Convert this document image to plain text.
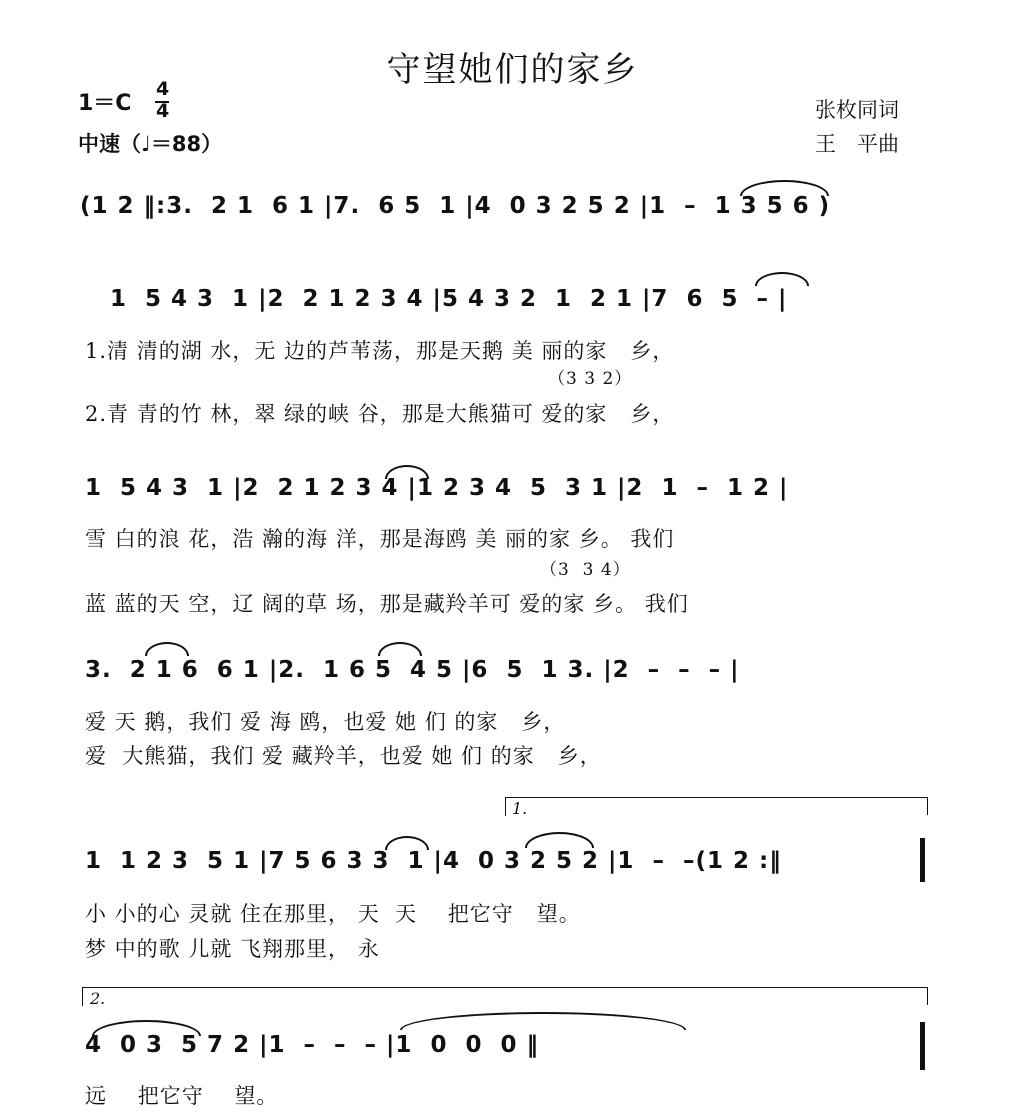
守望她们的家乡
1＝C
4
4
中速（♩＝88）
张枚同词
王　平曲
(1 2 ‖:3.  2 1  6 1 |7.  6 5  1 |4  0 3 2 5 2 |1  –  1 3 5 6 )
1  5 4 3  1 |2  2 1 2 3 4 |5 4 3 2  1  2 1 |7  6  5  – |
1.清 清的湖 水，无 边的芦苇荡，那是天鹅 美 丽的家   乡，
（3 3 2）
2.青 青的竹 林，翠 绿的峡 谷，那是大熊猫可 爱的家   乡，
1  5 4 3  1 |2  2 1 2 3 4 |1 2 3 4  5  3 1 |2  1  –  1 2 |
雪 白的浪 花，浩 瀚的海 洋，那是海鸥 美 丽的家 乡。 我们
（3  3 4）
蓝 蓝的天 空，辽 阔的草 场，那是藏羚羊可 爱的家 乡。 我们
3.  2 1 6  6 1 |2.  1 6 5  4 5 |6  5  1 3. |2  –  –  – |
爱 天 鹅，我们 爱 海 鸥，也爱 她 们 的家   乡，
爱  大熊猫，我们 爱 藏羚羊，也爱 她 们 的家   乡，
1.
1  1 2 3  5 1 |7 5 6 3 3  1 |4  0 3 2 5 2 |1  –  –(1 2 :‖
小 小的心 灵就 住在那里， 天  天    把它守   望。
梦 中的歌 儿就 飞翔那里， 永
2.
4  0 3  5 7 2 |1  –  –  – |1  0  0  0 ‖
远    把它守    望。
